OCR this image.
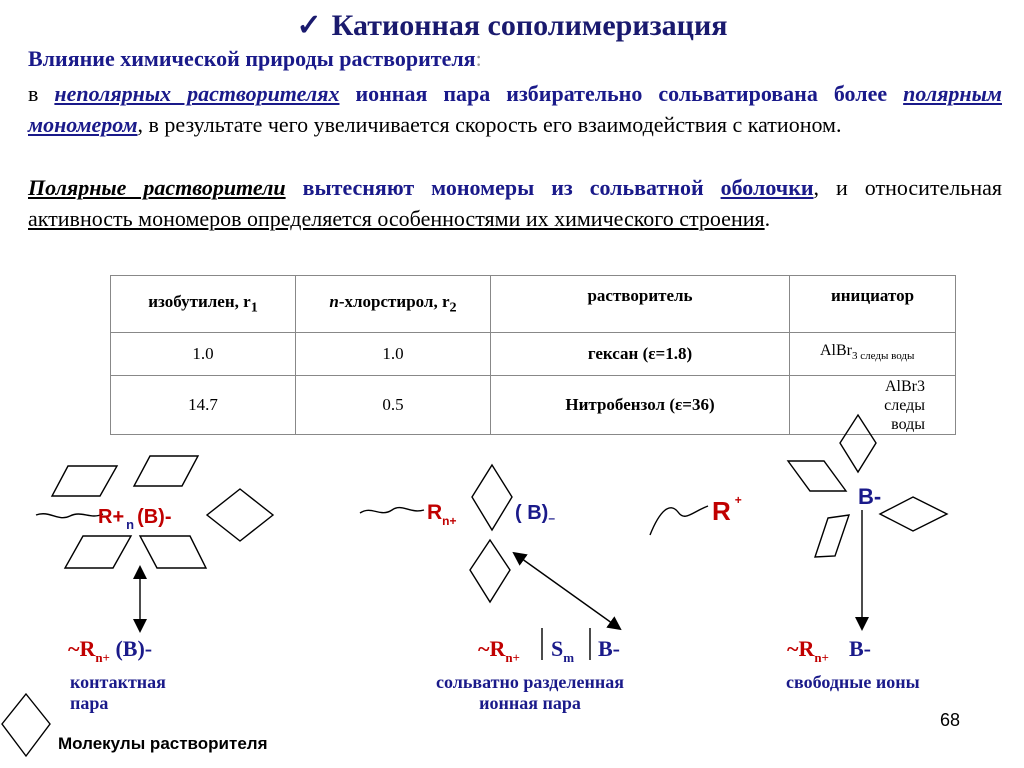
✓ Катионная сополимеризация
Влияние химической природы растворителя:
в неполярных растворителях ионная пара избирательно сольватирована более полярным мономером, в результате чего увеличивается скорость его взаимодействия с катионом.
Полярные растворители вытесняют мономеры из сольватной оболочки, и относительная активность мономеров определяется особенностями их химического строения.
изобутилен, $r_1$	п-хлорстирол, $r_2$	растворитель	инициатор
1.0	1.0	гексан (ε=1.8)	AlBr$_{3 следы воды}$
14.7	0.5	Нитробензол (ε=36)	AlBr3 следы воды
R+ $_n$ (B)-	$R_{n+}$	( B)–	R +	B-
$\sim R_{n+}$ (B)-	$\sim R_{n+}$ $S_m$ B-	$\sim R_{n+}$ B-
контактная
пара
сольватно разделенная
ионная пара
свободные ионы
Молекулы растворителя
68
